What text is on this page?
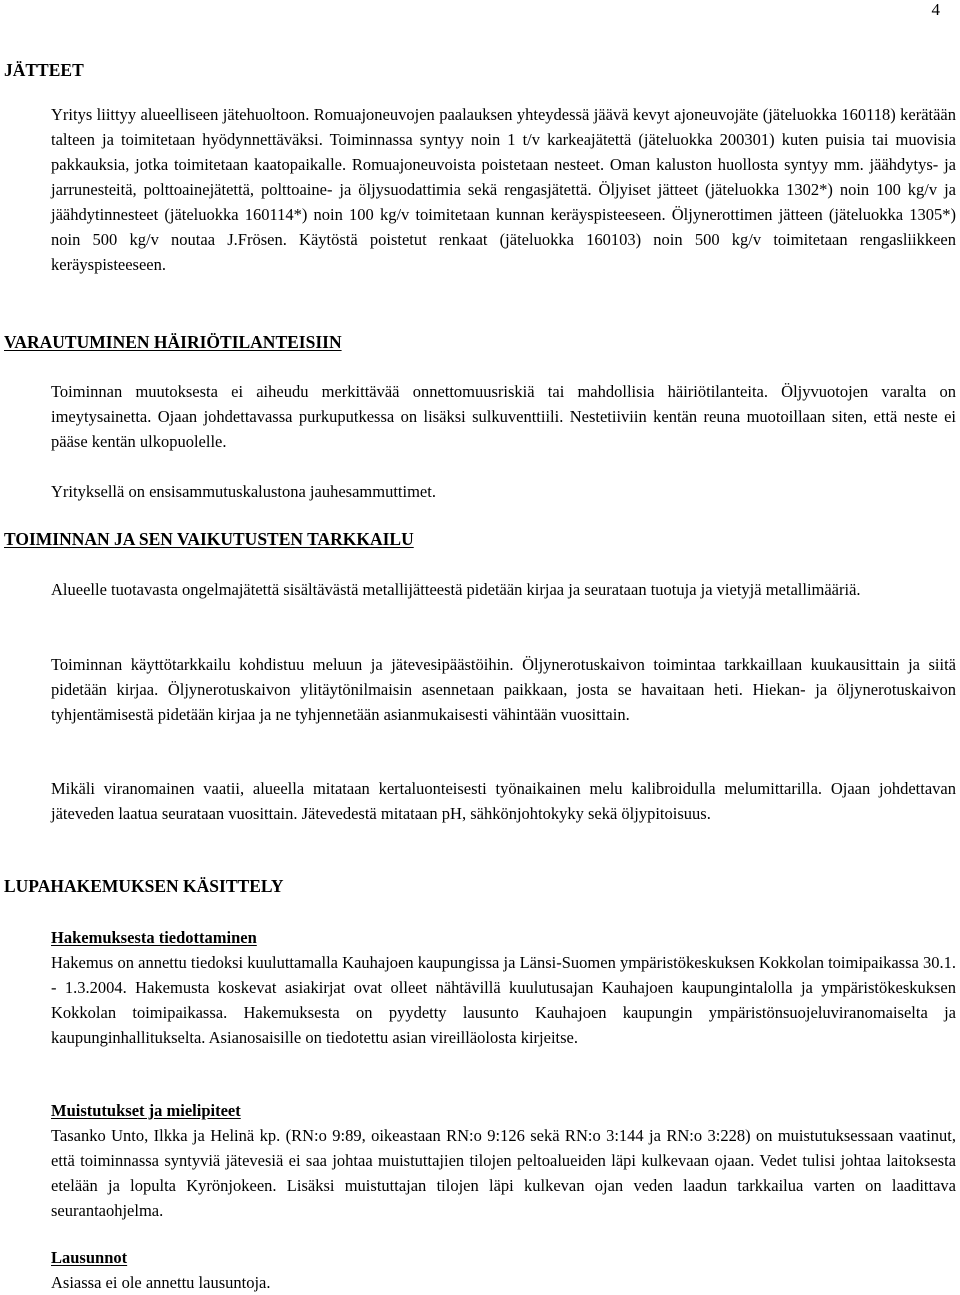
4
JÄTTEET

Yritys liittyy alueelliseen jätehuoltoon. Romuajoneuvojen paalauksen yhteydessä jäävä kevyt ajoneuvojäte (jäteluokka 160118) kerätään talteen ja toimitetaan hyödynnettäväksi. Toiminnassa syntyy noin 1 t/v karkeajätettä (jäteluokka 200301) kuten puisia tai muovisia pakkauksia, jotka toimitetaan kaatopaikalle. Romuajoneuvoista poistetaan nesteet. Oman kaluston huollosta syntyy mm. jäähdytys- ja jarrunesteitä, polttoainejätettä, polttoaine- ja öljysuodattimia sekä rengasjätettä. Öljyiset jätteet (jäteluokka 1302*) noin 100 kg/v ja jäähdytinnesteet (jäteluokka 160114*) noin 100 kg/v toimitetaan kunnan keräyspisteeseen. Öljynerottimen jätteen (jäteluokka 1305*) noin 500 kg/v noutaa J.Frösen. Käytöstä poistetut renkaat (jäteluokka 160103) noin 500 kg/v toimitetaan rengasliikkeen keräyspisteeseen.

VARAUTUMINEN HÄIRIÖTILANTEISIIN

Toiminnan muutoksesta ei aiheudu merkittävää onnettomuusriskiä tai mahdollisia häiriötilanteita. Öljyvuotojen varalta on imeytysainetta. Ojaan johdettavassa purkuputkessa on lisäksi sulkuventtiili. Nestetiiviin kentän reuna muotoillaan siten, että neste ei pääse kentän ulkopuolelle.

Yrityksellä on ensisammutuskalustona jauhesammuttimet.

TOIMINNAN JA SEN VAIKUTUSTEN TARKKAILU

Alueelle tuotavasta ongelmajätettä sisältävästä metallijätteestä pidetään kirjaa ja seurataan tuotuja ja vietyjä metallimääriä.

Toiminnan käyttötarkkailu kohdistuu meluun ja jätevesipäästöihin. Öljynerotuskaivon toimintaa tarkkaillaan kuukausittain ja siitä pidetään kirjaa. Öljynerotuskaivon ylitäytönilmaisin asennetaan paikkaan, josta se havaitaan heti. Hiekan- ja öljynerotuskaivon tyhjentämisestä pidetään kirjaa ja ne tyhjennetään asianmukaisesti vähintään vuosittain.

Mikäli viranomainen vaatii, alueella mitataan kertaluonteisesti työnaikainen melu kalibroidulla melumittarilla. Ojaan johdettavan jäteveden laatua seurataan vuosittain. Jätevedestä mitataan pH, sähkönjohtokyky sekä öljypitoisuus.

LUPAHAKEMUKSEN KÄSITTELY
Hakemuksesta tiedottaminen
Hakemus on annettu tiedoksi kuuluttamalla Kauhajoen kaupungissa ja Länsi-Suomen ympäristökeskuksen Kokkolan toimipaikassa 30.1. - 1.3.2004. Hakemusta koskevat asiakirjat ovat olleet nähtävillä kuulutusajan Kauhajoen kaupungintalolla ja ympäristökeskuksen Kokkolan toimipaikassa. Hakemuksesta on pyydetty lausunto Kauhajoen kaupungin ympäristönsuojeluviranomaiselta ja kaupunginhallitukselta. Asianosaisille on tiedotettu asian vireilläolosta kirjeitse.
Muistutukset ja mielipiteet
Tasanko Unto, Ilkka ja Helinä kp. (RN:o 9:89, oikeastaan RN:o 9:126 sekä RN:o 3:144 ja RN:o 3:228) on muistutuksessaan vaatinut, että toiminnassa syntyviä jätevesiä ei saa johtaa muistuttajien tilojen peltoalueiden läpi kulkevaan ojaan. Vedet tulisi johtaa laitoksesta etelään ja lopulta Kyrönjokeen. Lisäksi muistuttajan tilojen läpi kulkevan ojan veden laadun tarkkailua varten on laadittava seurantaohjelma.
Lausunnot
Asiassa ei ole annettu lausuntoja.
